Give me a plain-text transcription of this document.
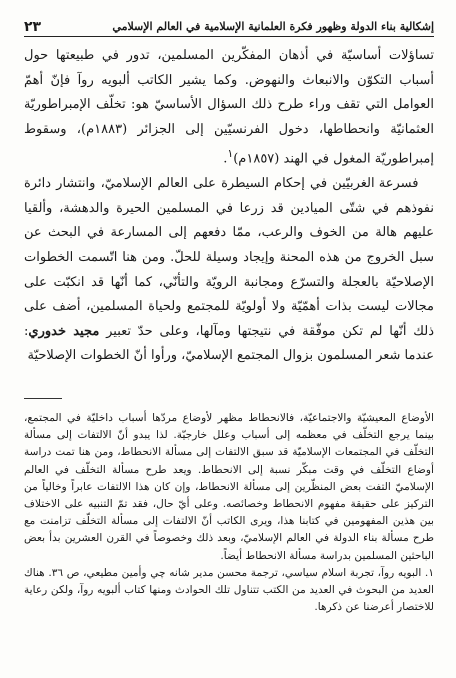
إشكالية بناء الدولة وظهور فكرة العلمانية الإسلامية في العالم الإسلامي
٢٣

تساؤلات أساسيّة في أذهان المفكّرين المسلمين، تدور في طبيعتها حول أسباب التكوّن والانبعاث والنهوض. وكما يشير الكاتب ألبويه روآ فإنّ أهمّ العوامل التي تقف وراء طرح ذلك السؤال الأساسيّ هو: تخلّف الإمبراطوريّة العثمانيّة وانحطاطها، دخول الفرنسيّين إلى الجزائر (١٨٨٣م)، وسقوط إمبراطوريّة المغول في الهند (١٨٥٧م)$^١$.

فسرعة الغربيّين في إحكام السيطرة على العالم الإسلاميّ، وانتشار دائرة نفوذهم في شتّى الميادين قد زرعا في المسلمين الحيرة والدهشة، وألقيا عليهم هالة من الخوف والرعب، ممّا دفعهم إلى المسارعة في البحث عن سبل الخروج من هذه المحنة وإيجاد وسيلة للحلّ. ومن هنا اتّسمت الخطوات الإصلاحيّة بالعجلة والتسرّع ومجانبة الرويّة والتأنّي، كما أنّها قد انكبّت على مجالات ليست بذات أهمّيّة ولا أولويّة للمجتمع ولحياة المسلمين، أضف على ذلك أنّها لم تكن موفّقة في نتيجتها ومآلها، وعلى حدّ تعبير مجيد خدوري: عندما شعر المسلمون بزوال المجتمع الإسلاميّ، ورأوا أنّ الخطوات الإصلاحيّة

الأوضاع المعيشيّة والاجتماعيّة، فالانحطاط مظهر لأوضاع مردّها أسباب داخليّة في المجتمع، بينما يرجع التخلّف في معظمه إلى أسباب وعلل خارجيّة. لذا يبدو أنّ الالتفات إلى مسألة التخلّف في المجتمعات الإسلاميّة قد سبق الالتفات إلى مسألة الانحطاط، ومن هنا تمت دراسة أوضاع التخلّف في وقت مبكّر نسبة إلى الانحطاط. ويعد طرح مسألة التخلّف في العالم الإسلاميّ التفت بعض المنظّرين إلى مسألة الانحطاط، وإن كان هذا الالتفات عابراً وخالياً من التركيز على حقيقة مفهوم الانحطاط وخصائصه. وعلى أيّ حال، فقد تمّ التنبيه على الاختلاف بين هذين المفهومين في كتابنا هذا، ويرى الكاتب أنّ الالتفات إلى مسألة التخلّف تزامنت مع طرح مسألة بناء الدولة في العالم الإسلاميّ، وبعد ذلك وخصوصاً في القرن العشرين بدأ بعض الباحثين المسلمين بدراسة مسألة الانحطاط أيضاً.

١. البويه روآ، تجربة اسلام سياسي، ترجمة محسن مدير شانه چي وأمين مطيعي، ص ٣٦. هناك العديد من البحوث في العديد من الكتب تتناول تلك الحوادث ومنها كتاب ألبويه روآ، ولكن رعاية للاختصار أعرضنا عن ذكرها.
